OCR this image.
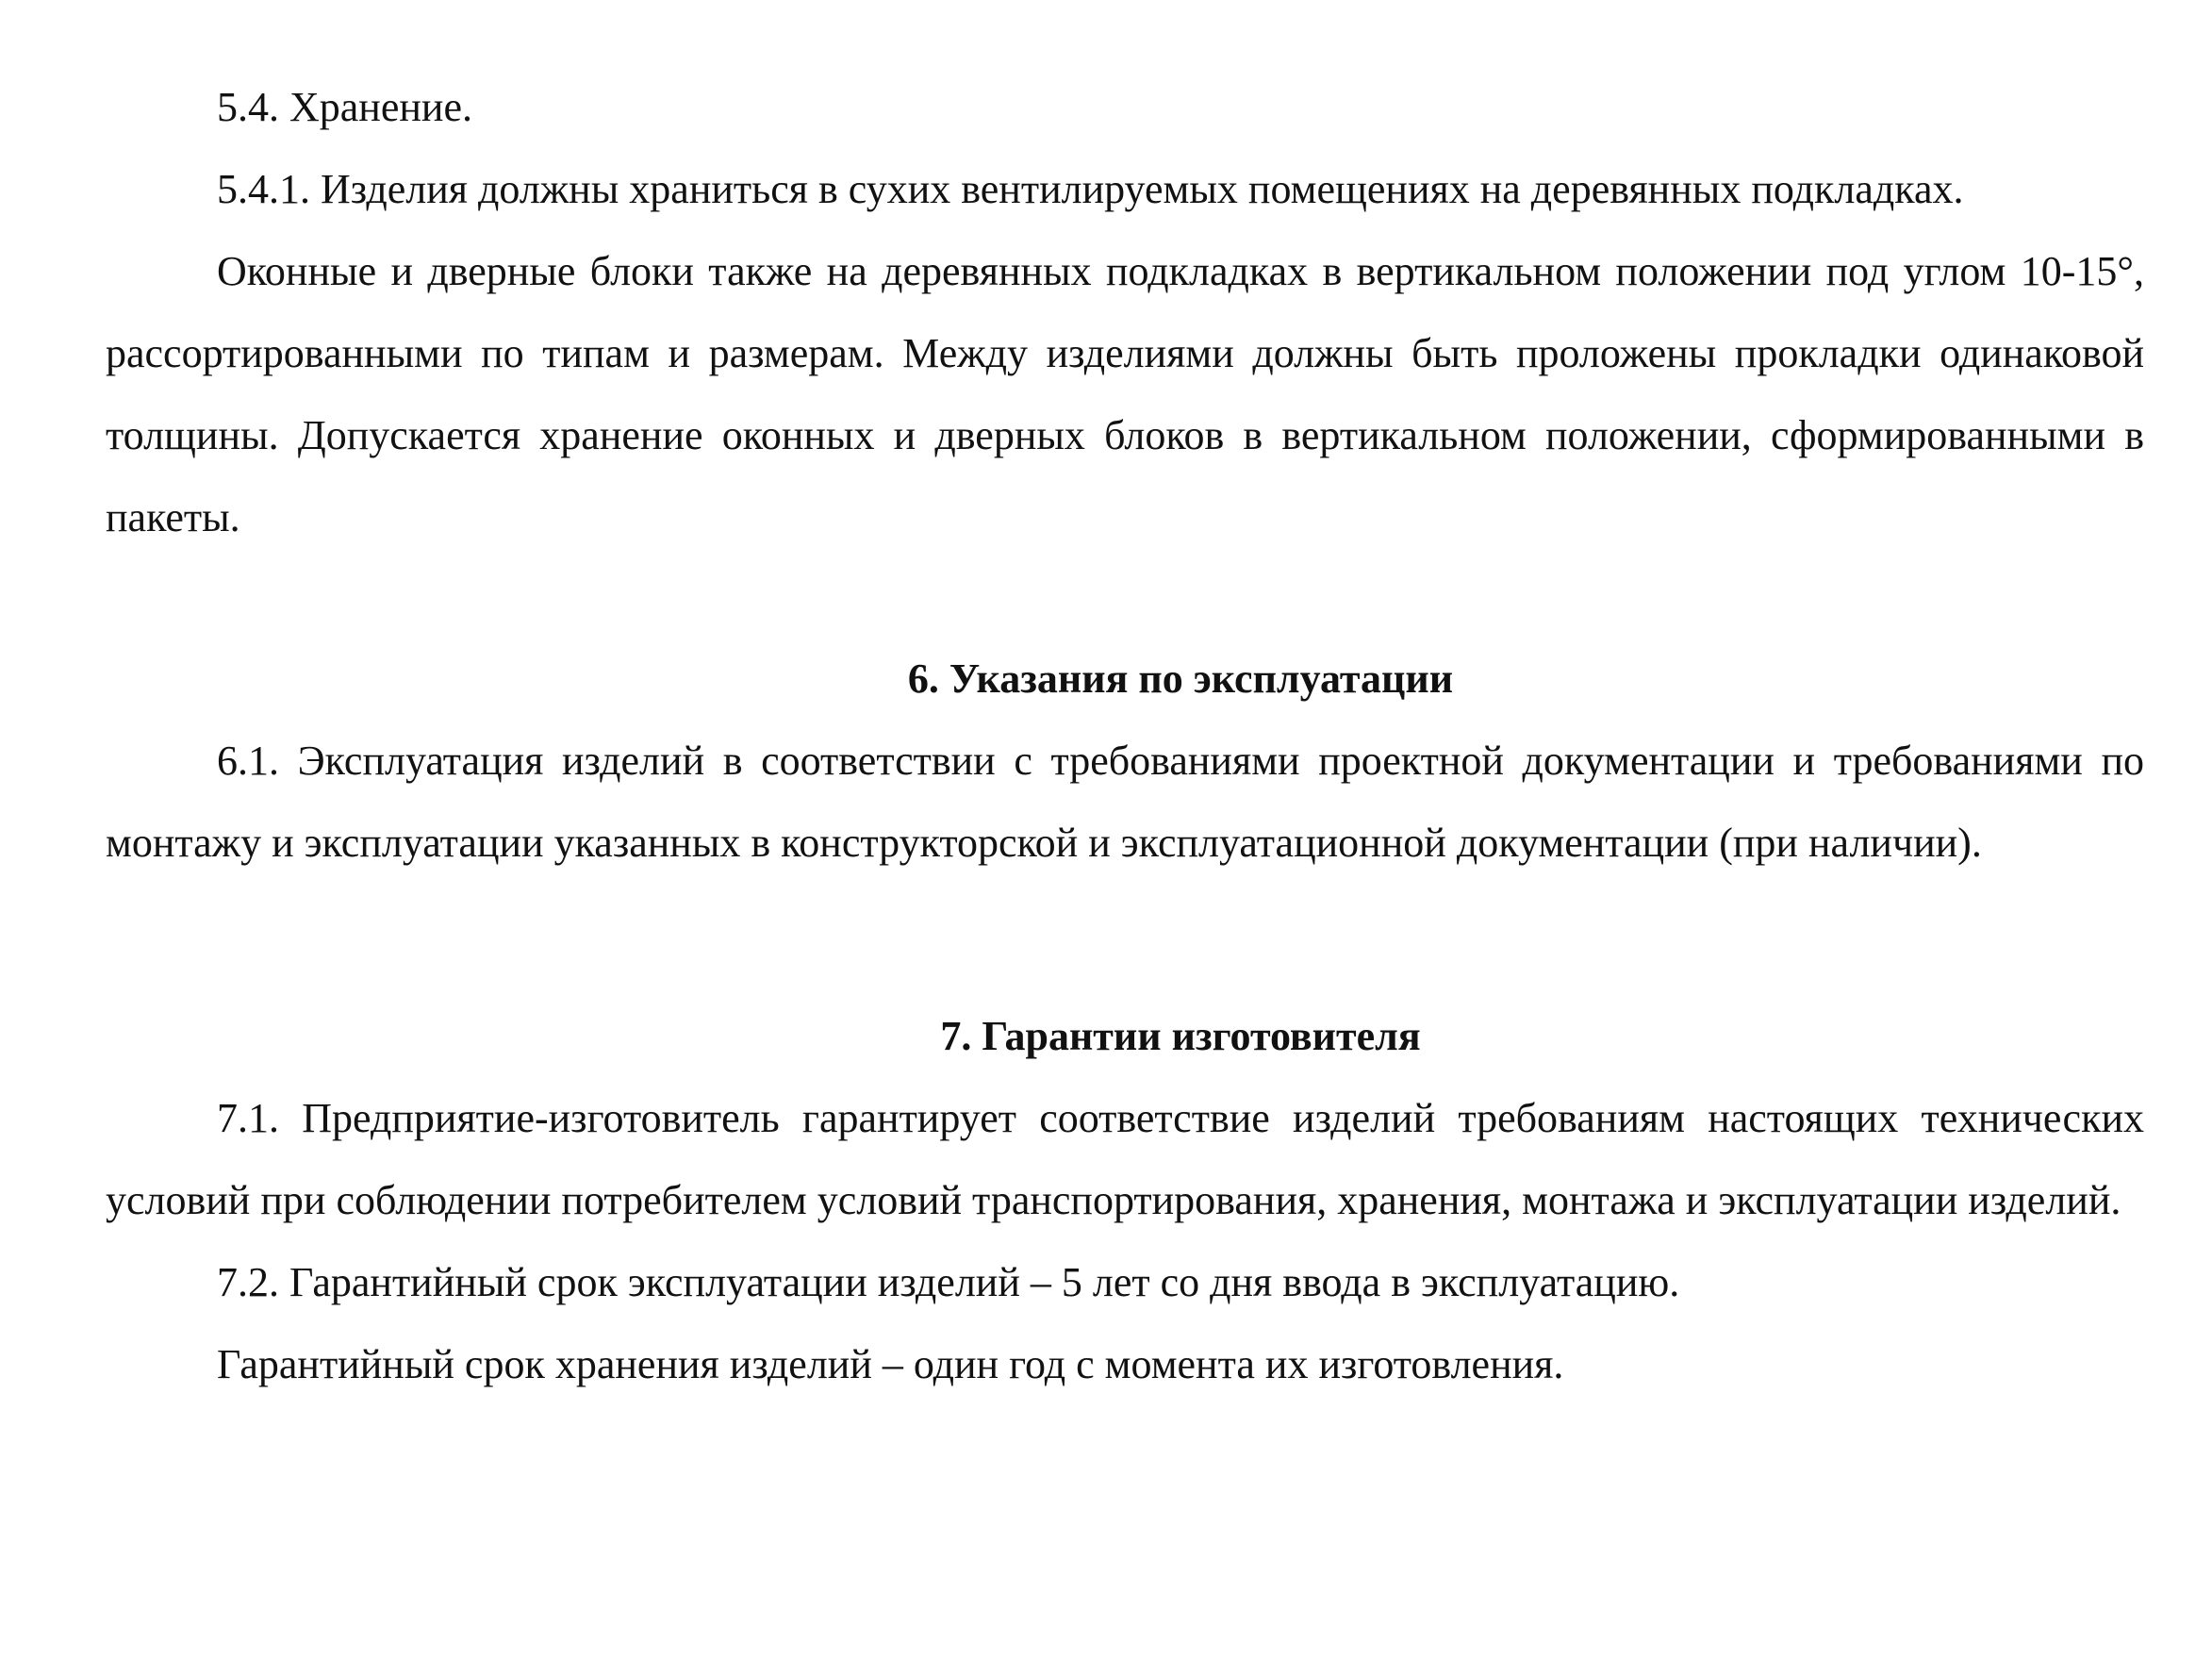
5.4. Хранение.

5.4.1. Изделия должны храниться в сухих вентилируемых помещениях на деревянных подкладках.

Оконные и дверные блоки также на деревянных подкладках в вертикальном положении под углом 10-15°, рассортированными по типам и размерам. Между изделиями должны быть проложены прокладки одинаковой толщины. Допускается хранение оконных и дверных блоков в вертикальном положении, сформированными в пакеты.

6. Указания по эксплуатации

6.1. Эксплуатация изделий в соответствии с требованиями проектной документации и требованиями по монтажу и эксплуатации указанных в конструкторской и эксплуатационной документации (при наличии).

7. Гарантии изготовителя

7.1. Предприятие-изготовитель гарантирует соответствие изделий требованиям настоящих технических условий при соблюдении потребителем условий транспортирования, хранения, монтажа и эксплуатации изделий.

7.2. Гарантийный срок эксплуатации изделий – 5 лет со дня ввода в эксплуатацию.

Гарантийный срок хранения изделий – один год с момента их изготовления.
